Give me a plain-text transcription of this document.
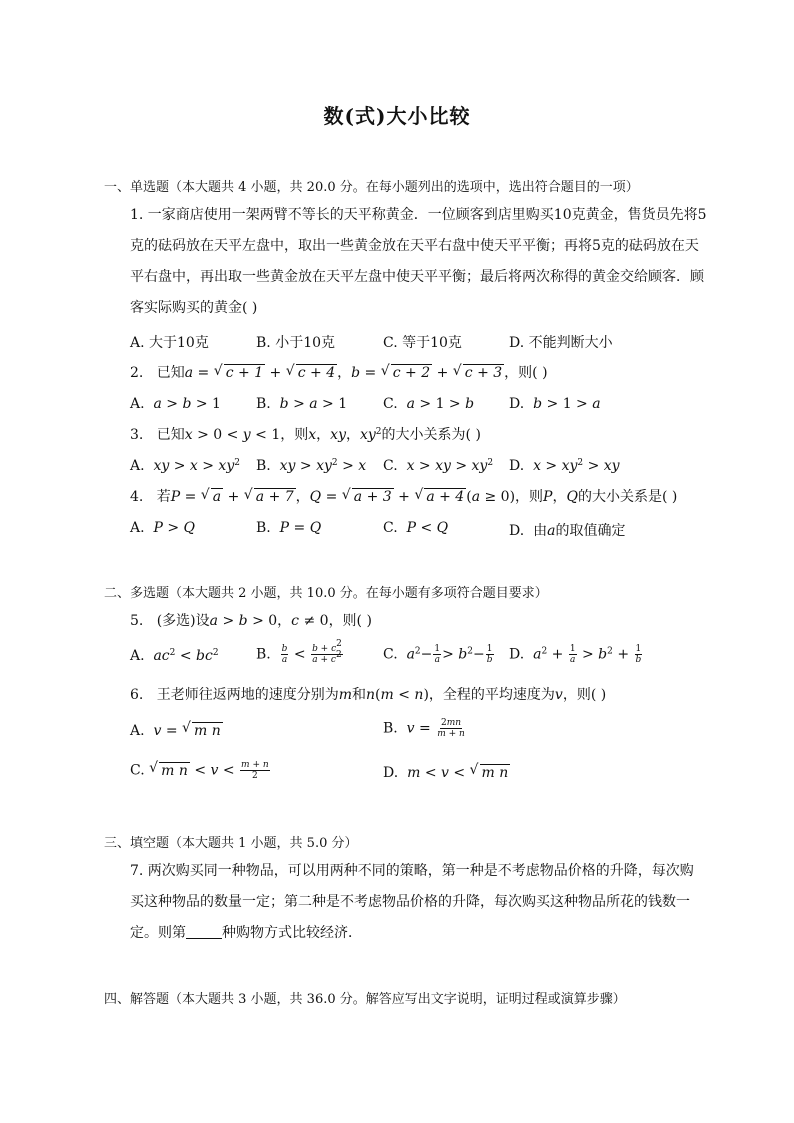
数(式)大小比较
一、单选题（本大题共 4 小题，共 20.0 分。在每小题列出的选项中，选出符合题目的一项）
1. 一家商店使用一架两臂不等长的天平称黄金．一位顾客到店里购买10克黄金，售货员先将5克的砝码放在天平左盘中，取出一些黄金放在天平右盘中使天平平衡；再将5克的砝码放在天平右盘中，再出取一些黄金放在天平左盘中使天平平衡；最后将两次称得的黄金交给顾客．顾客实际购买的黄金( )
A. 大于10克	B. 小于10克	C. 等于10克	D. 不能判断大小
2. 已知a = √ c + 1 + √ c + 4 ，b = √ c + 2 + √ c + 3 ，则( )
A.  a > b > 1	B.  b > a > 1	C.  a > 1 > b D.  b > 1 > a
3. 已知x > 0 < y < 1，则x，xy，$xy^2$的大小关系为( )
A.  xy > $x > xy^2$ B.  xy > $xy^2 > x$ C.  x > xy > $xy^2$ D.  $x > xy^2$ > xy
4. 若P = √ a + √ a + 7 ，Q = √ a + 3 + √ a + 4 (a ≥ 0)，则P，Q的大小关系是( )
A.  P > Q	B.  P = Q	C.  P < Q	D. 由a的取值确定
二、多选题（本大题共 2 小题，共 10.0 分。在每小题有多项符合题目要求）
5. (多选)设a > b > 0，c ≠ 0，则( )
A.  $ac^2 < bc^2$	B. $\frac{b}{a} < \frac{b + c^2}{a + c^2}$	C.  $a^2- \frac{1}{a} > b^2- \frac{1}{b} D$.  $a^2 + \frac{1}{a} > b^2 + \frac{1}{b}$
6. 王老师往返两地的速度分别为m和n(m < n)，全程的平均速度为v，则( )
A.  v = √ m n	B.  $v = \frac{2mn}{m + n}$
C. √ m $n < v < \frac{m + n}{2}$	D.  m < v < √ m n
三、填空题（本大题共 1 小题，共 5.0 分）
7. 两次购买同一种物品，可以用两种不同的策略，第一种是不考虑物品价格的升降，每次购
买这种物品的数量一定；第二种是不考虑物品价格的升降，每次购买这种物品所花的钱数一
定。则第	种购物方式比较经济．
四、解答题（本大题共 3 小题，共 36.0 分。解答应写出文字说明，证明过程或演算步骤）
